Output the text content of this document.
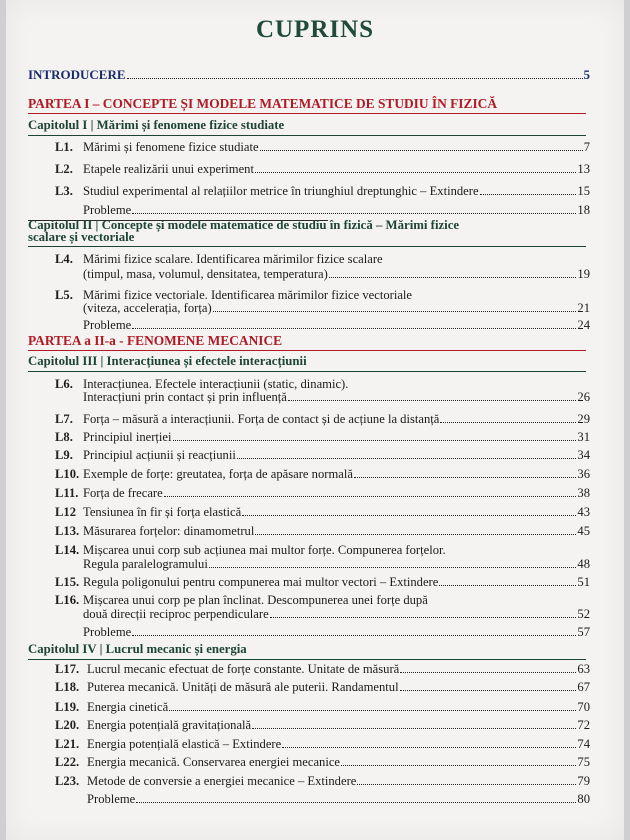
CUPRINS
INTRODUCERE	5
PARTEA I – CONCEPTE ȘI MODELE MATEMATICE DE STUDIU ÎN FIZICĂ
Capitolul I | Mărimi și fenomene fizice studiate
L1. Mărimi și fenomene fizice studiate	7
L2. Etapele realizării unui experiment	13
L3. Studiul experimental al relațiilor metrice în triunghiul dreptunghic – Extindere	15
Probleme	18
Capitolul II | Concepte și modele matematice de studiu în fizică – Mărimi fizice
scalare și vectoriale
L4. Mărimi fizice scalare. Identificarea mărimilor fizice scalare
(timpul, masa, volumul, densitatea, temperatura)	19
L5. Mărimi fizice vectoriale. Identificarea mărimilor fizice vectoriale
(viteza, accelerația, forța)	21
Probleme	24
PARTEA a II-a - FENOMENE MECANICE
Capitolul III | Interacțiunea și efectele interacțiunii
L6. Interacțiunea. Efectele interacțiunii (static, dinamic).
Interacțiuni prin contact și prin influență	26
L7. Forța – măsură a interacțiunii. Forța de contact și de acțiune la distanță	29
L8. Principiul inerției	31
L9. Principiul acțiunii și reacțiunii	34
L10. Exemple de forțe: greutatea, forța de apăsare normală	36
L11. Forța de frecare	38
L12 Tensiunea în fir și forța elastică	43
L13. Măsurarea forțelor: dinamometrul	45
L14. Mișcarea unui corp sub acțiunea mai multor forțe. Compunerea forțelor.
Regula paralelogramului	48
L15. Regula poligonului pentru compunerea mai multor vectori – Extindere	51
L16. Mișcarea unui corp pe plan înclinat. Descompunerea unei forțe după
două direcții reciproc perpendiculare	52
Probleme	57
Capitolul IV | Lucrul mecanic și energia
L17. Lucrul mecanic efectuat de forțe constante. Unitate de măsură	63
L18. Puterea mecanică. Unități de măsură ale puterii. Randamentul	67
L19. Energia cinetică	70
L20. Energia potențială gravitațională	72
L21. Energia potențială elastică – Extindere	74
L22. Energia mecanică. Conservarea energiei mecanice	75
L23. Metode de conversie a energiei mecanice – Extindere	79
Probleme	80
